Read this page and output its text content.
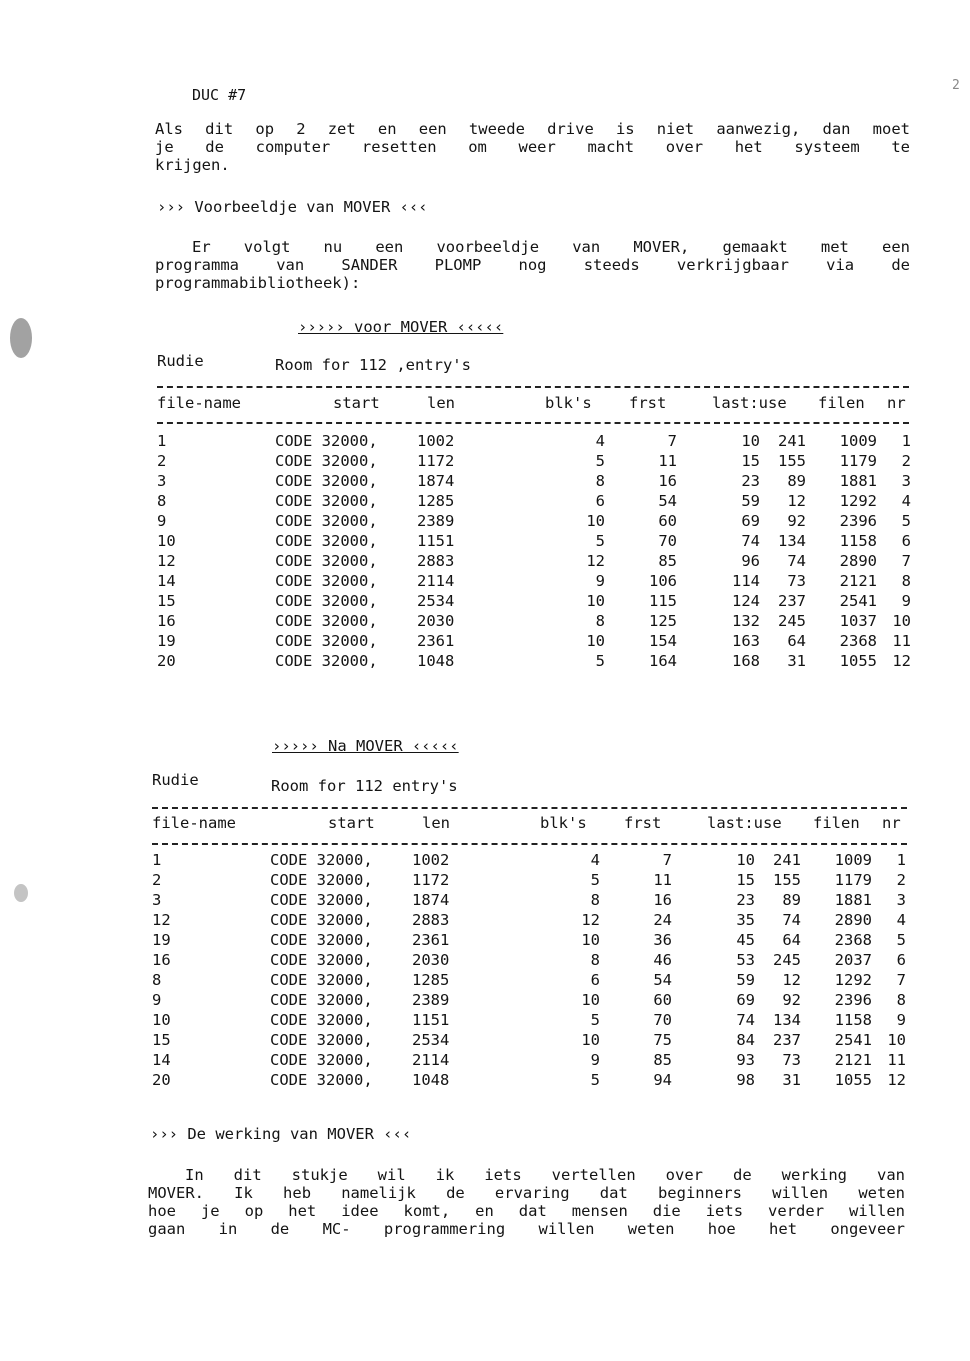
DUC #7
2
Als dit op 2 zet en een tweede drive is niet aanwezig, dan moet
je de computer resetten om weer macht over het systeem te
krijgen.
››› Voorbeeldje van MOVER ‹‹‹
Er volgt nu een voorbeeldje van MOVER, gemaakt met een
programma van SANDER PLOMP nog steeds verkrijgbaar via de
programmabibliotheek):
››››› voor MOVER ‹‹‹‹‹
Rudie	Room for 112 ,entry's
file-name	start	len	blk's frst	last:use filen nr
1	CODE 32000,	1002	4	7	10	241	1009	1
2	CODE 32000,	1172	5	11	15	155	1179	2
3	CODE 32000,	1874	8	16	23	89	1881	3
8	CODE 32000,	1285	6	54	59	12	1292	4
9	CODE 32000,	2389	10	60	69	92	2396	5
10	CODE 32000,	1151	5	70	74	134	1158	6
12	CODE 32000,	2883	12	85	96	74	2890	7
14	CODE 32000,	2114	9	106	114	73	2121	8
15	CODE 32000,	2534	10	115	124	237	2541	9
16	CODE 32000,	2030	8	125	132	245	1037 10
19	CODE 32000,	2361	10	154	163	64	2368 11
20	CODE 32000,	1048	5	164	168	31	1055 12
››››› Na MOVER ‹‹‹‹‹
Rudie	Room for 112 entry's
file-name	start	len	blk's frst	last:use filen nr
1	CODE 32000,	1002	4	7	10	241	1009	1
2	CODE 32000,	1172	5	11	15	155	1179	2
3	CODE 32000,	1874	8	16	23	89	1881	3
12	CODE 32000,	2883	12	24	35	74	2890	4
19	CODE 32000,	2361	10	36	45	64	2368	5
16	CODE 32000,	2030	8	46	53	245	2037	6
8	CODE 32000,	1285	6	54	59	12	1292	7
9	CODE 32000,	2389	10	60	69	92	2396	8
10	CODE 32000,	1151	5	70	74	134	1158	9
15	CODE 32000,	2534	10	75	84	237	2541 10
14	CODE 32000,	2114	9	85	93	73	2121 11
20	CODE 32000,	1048	5	94	98	31	1055 12
››› De werking van MOVER ‹‹‹
In dit stukje wil ik iets vertellen over de werking van
MOVER. Ik heb namelijk de ervaring dat beginners willen weten
hoe je op het idee komt, en dat mensen die iets verder willen
gaan in de MC- programmering willen weten hoe het ongeveer
